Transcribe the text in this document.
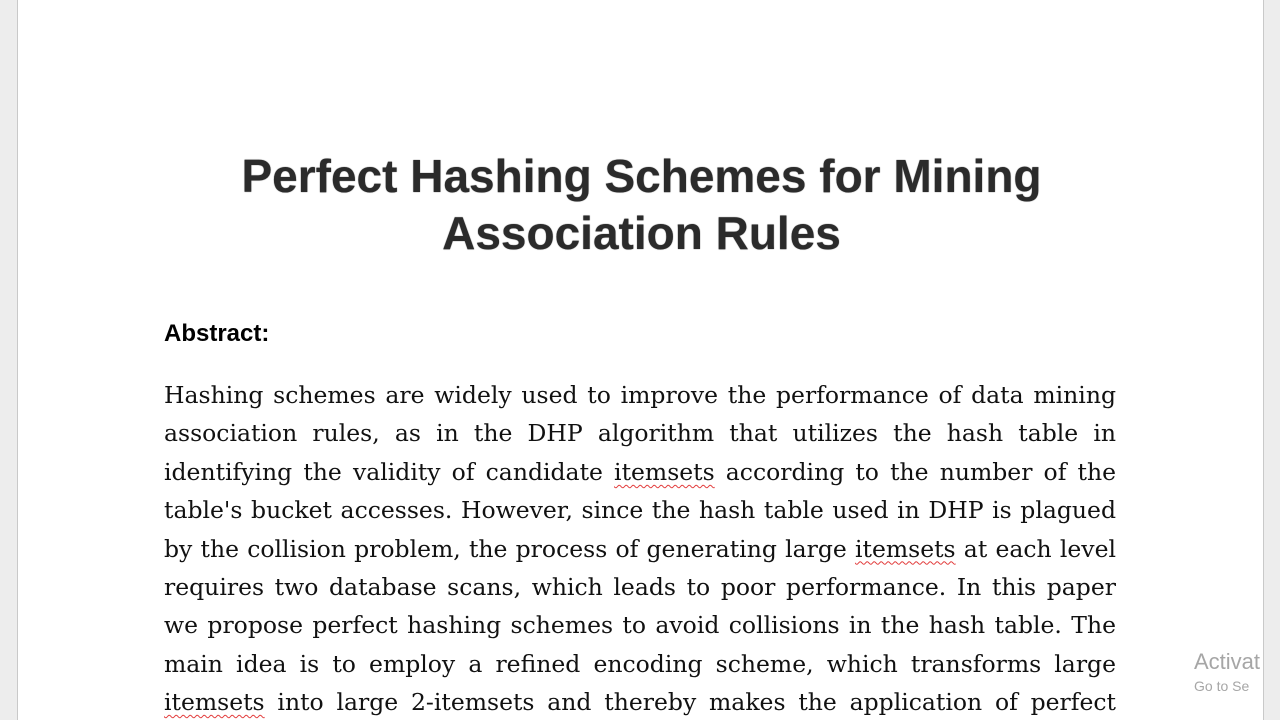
Perfect Hashing Schemes for Mining
Association Rules
Abstract:

Hashing schemes are widely used to improve the performance of data mining
association rules, as in the DHP algorithm that utilizes the hash table in
identifying the validity of candidate itemsets according to the number of the
table's bucket accesses. However, since the hash table used in DHP is plagued
by the collision problem, the process of generating large itemsets at each level
requires two database scans, which leads to poor performance. In this paper
we propose perfect hashing schemes to avoid collisions in the hash table. The
main idea is to employ a refined encoding scheme, which transforms large
itemsets into large 2-itemsets and thereby makes the application of perfect

Activat
Go to Se
